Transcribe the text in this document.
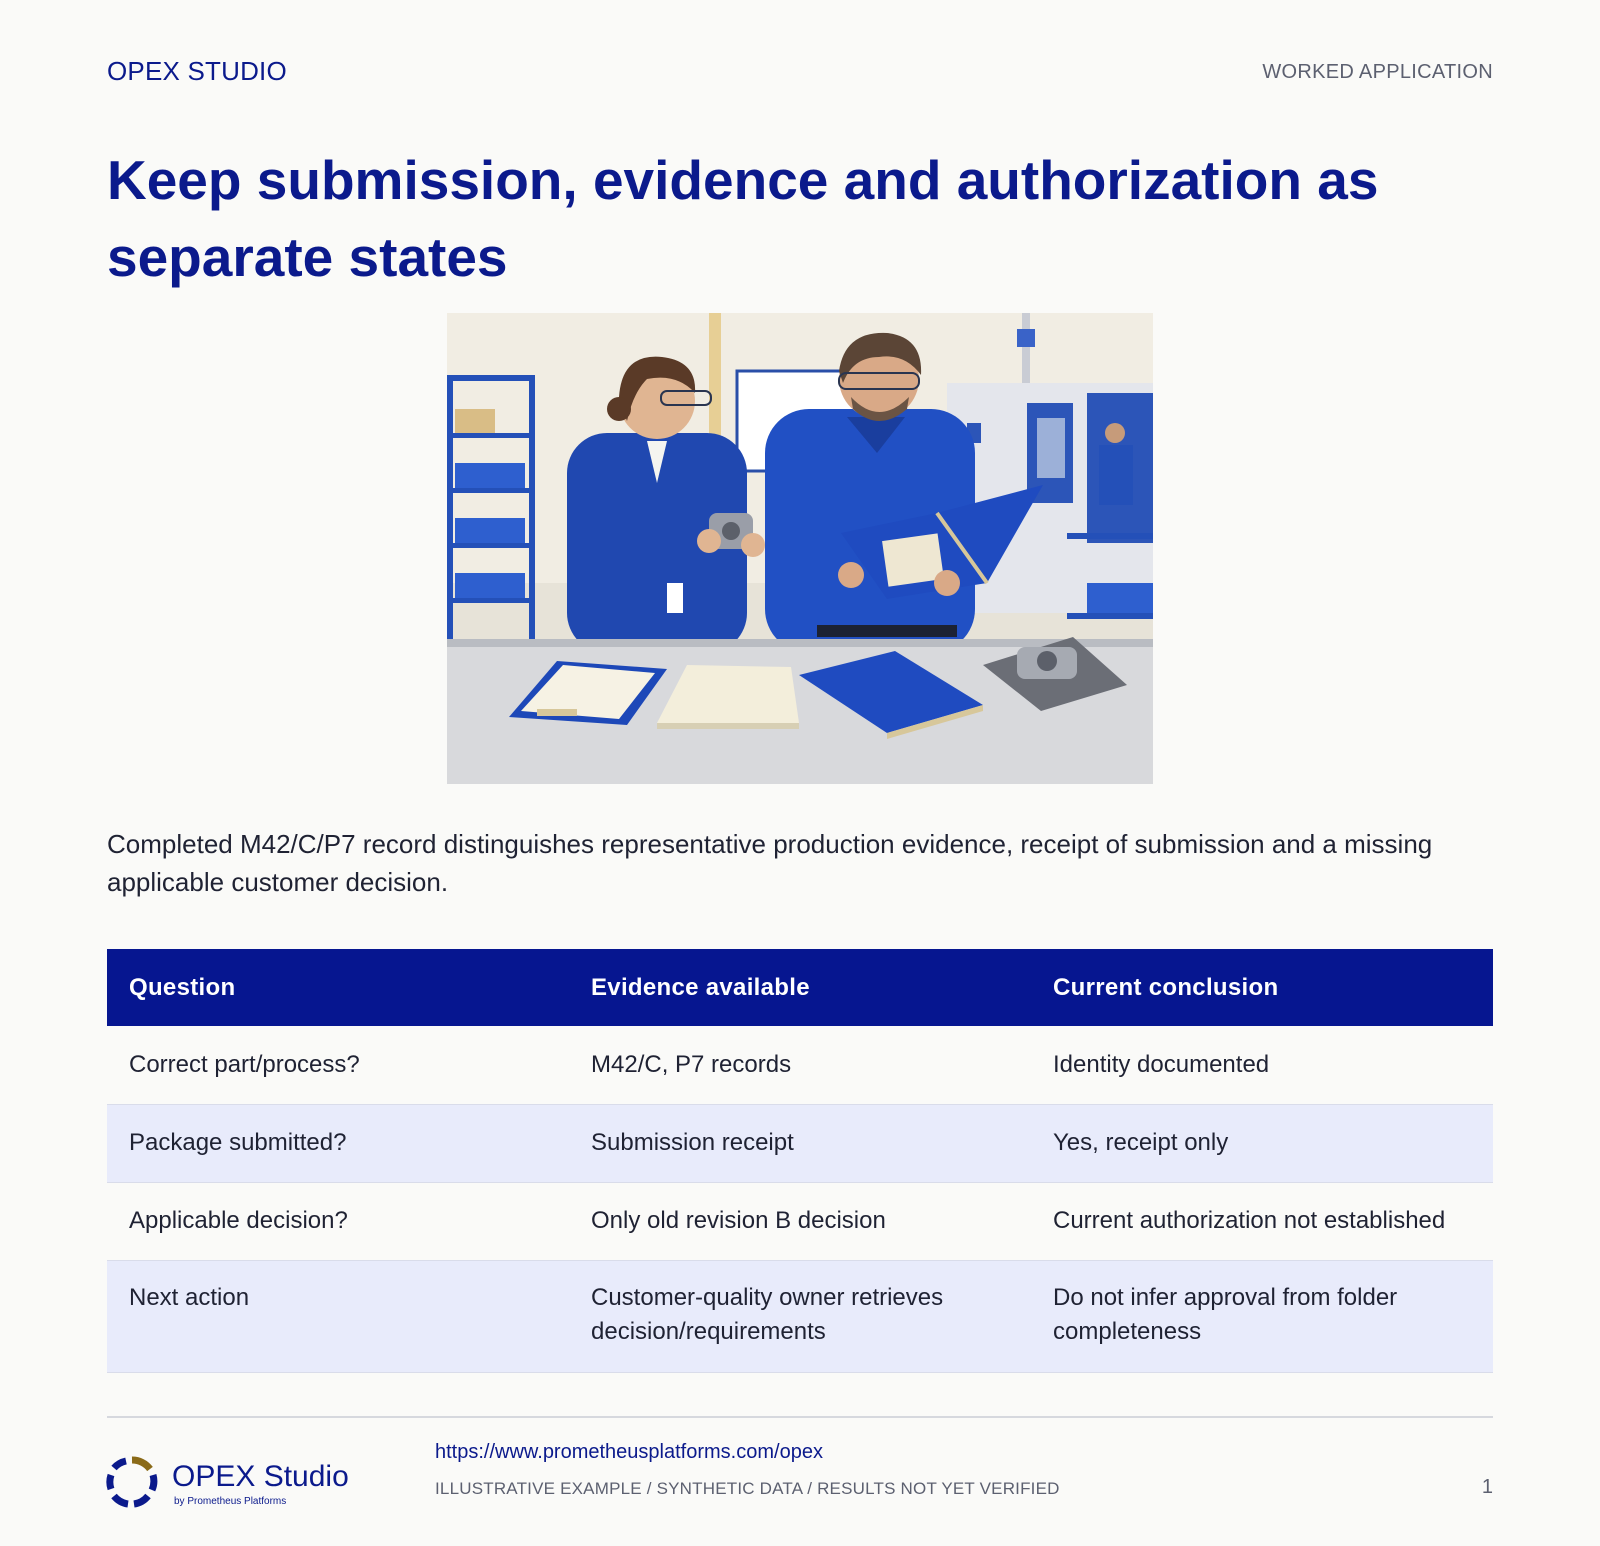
OPEX STUDIO	WORKED APPLICATION
Keep submission, evidence and authorization as separate states

Completed M42/C/P7 record distinguishes representative production evidence, receipt of submission and a missing applicable customer decision.

Question	Evidence available	Current conclusion
Correct part/process?	M42/C, P7 records	Identity documented
Package submitted?	Submission receipt	Yes, receipt only
Applicable decision?	Only old revision B decision	Current authorization not established
Next action	Customer-quality owner retrieves decision/requirements	Do not infer approval from folder completeness
OPEX Studio
by Prometheus Platforms
https://www.prometheusplatforms.com/opex
ILLUSTRATIVE EXAMPLE / SYNTHETIC DATA / RESULTS NOT YET VERIFIED	1
